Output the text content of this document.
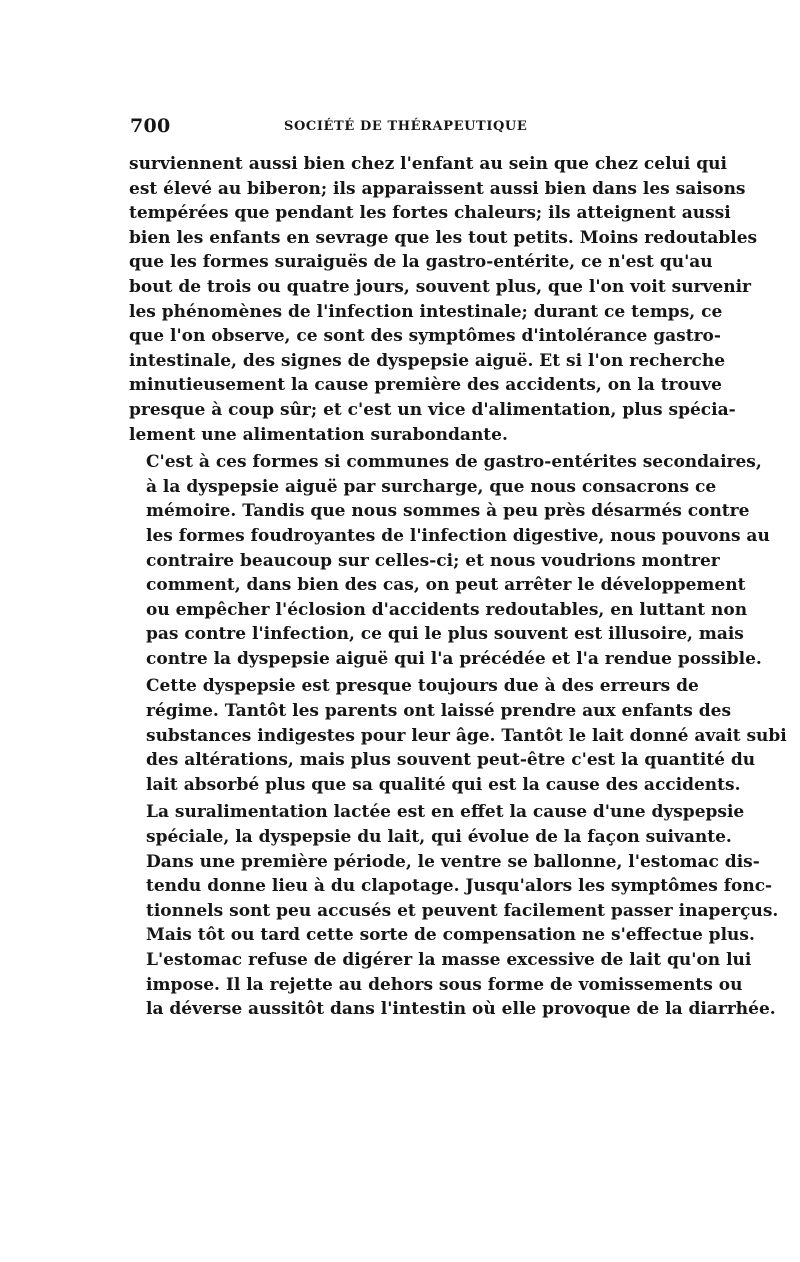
700	SOCIÉTÉ DE THÉRAPEUTIQUE
surviennent aussi bien chez l'enfant au sein que chez celui qui
est élevé au biberon; ils apparaissent aussi bien dans les saisons
tempérées que pendant les fortes chaleurs; ils atteignent aussi
bien les enfants en sevrage que les tout petits. Moins redoutables
que les formes suraiguës de la gastro-entérite, ce n'est qu'au
bout de trois ou quatre jours, souvent plus, que l'on voit survenir
les phénomènes de l'infection intestinale; durant ce temps, ce
que l'on observe, ce sont des symptômes d'intolérance gastro-
intestinale, des signes de dyspepsie aiguë. Et si l'on recherche
minutieusement la cause première des accidents, on la trouve
presque à coup sûr; et c'est un vice d'alimentation, plus spécia-
lement une alimentation surabondante.
C'est à ces formes si communes de gastro-entérites secondaires,
à la dyspepsie aiguë par surcharge, que nous consacrons ce
mémoire. Tandis que nous sommes à peu près désarmés contre
les formes foudroyantes de l'infection digestive, nous pouvons au
contraire beaucoup sur celles-ci; et nous voudrions montrer
comment, dans bien des cas, on peut arrêter le développement
ou empêcher l'éclosion d'accidents redoutables, en luttant non
pas contre l'infection, ce qui le plus souvent est illusoire, mais
contre la dyspepsie aiguë qui l'a précédée et l'a rendue possible.
Cette dyspepsie est presque toujours due à des erreurs de
régime. Tantôt les parents ont laissé prendre aux enfants des
substances indigestes pour leur âge. Tantôt le lait donné avait subi
des altérations, mais plus souvent peut-être c'est la quantité du
lait absorbé plus que sa qualité qui est la cause des accidents.
La suralimentation lactée est en effet la cause d'une dyspepsie
spéciale, la dyspepsie du lait, qui évolue de la façon suivante.
Dans une première période, le ventre se ballonne, l'estomac dis-
tendu donne lieu à du clapotage. Jusqu'alors les symptômes fonc-
tionnels sont peu accusés et peuvent facilement passer inaperçus.
Mais tôt ou tard cette sorte de compensation ne s'effectue plus.
L'estomac refuse de digérer la masse excessive de lait qu'on lui
impose. Il la rejette au dehors sous forme de vomissements ou
la déverse aussitôt dans l'intestin où elle provoque de la diarrhée.
